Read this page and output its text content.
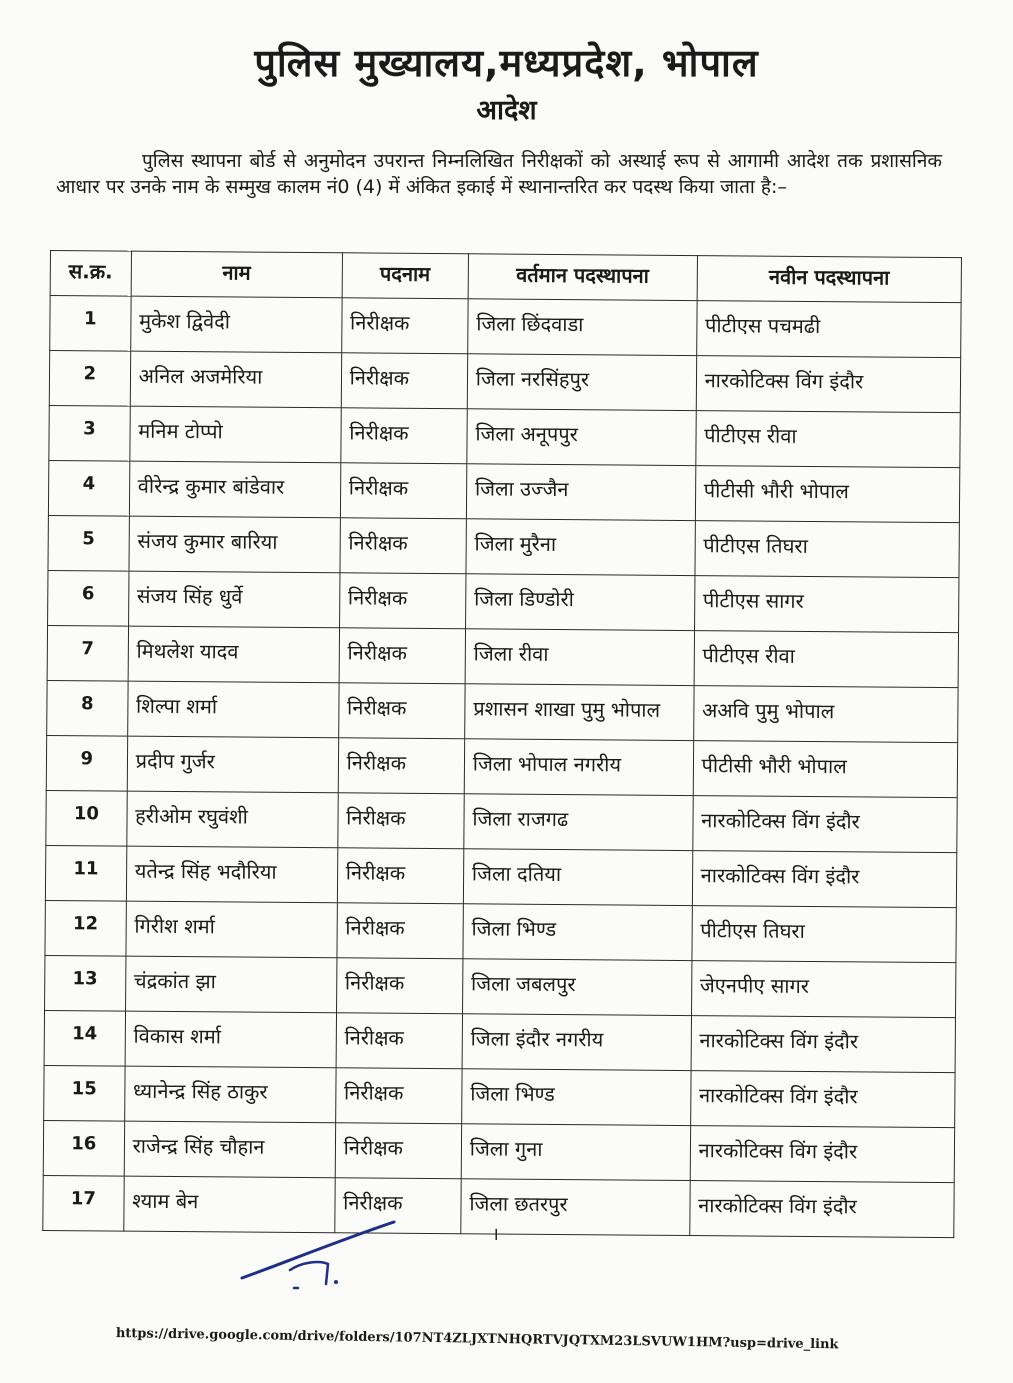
पुलिस मुख्यालय,मध्यप्रदेश, भोपाल
आदेश
पुलिस स्थापना बोर्ड से अनुमोदन उपरान्त निम्नलिखित निरीक्षकों को अस्थाई रूप से आगामी आदेश तक प्रशासनिक आधार पर उनके नाम के सम्मुख कालम नं0 (4) में अंकित इकाई में स्थानान्तरित कर पदस्थ किया जाता है:–
स.क्र.	नाम	पदनाम	वर्तमान पदस्थापना	नवीन पदस्थापना
1	मुकेश द्विवेदी	निरीक्षक	जिला छिंदवाडा	पीटीएस पचमढी
2	अनिल अजमेरिया	निरीक्षक	जिला नरसिंहपुर	नारकोटिक्स विंग इंदौर
3	मनिम टोप्पो	निरीक्षक	जिला अनूपपुर	पीटीएस रीवा
4	वीरेन्द्र कुमार बांडेवार	निरीक्षक	जिला उज्जैन	पीटीसी भौरी भोपाल
5	संजय कुमार बारिया	निरीक्षक	जिला मुरैना	पीटीएस तिघरा
6	संजय सिंह धुर्वे	निरीक्षक	जिला डिण्डोरी	पीटीएस सागर
7	मिथलेश यादव	निरीक्षक	जिला रीवा	पीटीएस रीवा
8	शिल्पा शर्मा	निरीक्षक	प्रशासन शाखा पुमु भोपाल	अअवि पुमु भोपाल
9	प्रदीप गुर्जर	निरीक्षक	जिला भोपाल नगरीय	पीटीसी भौरी भोपाल
10	हरीओम रघुवंशी	निरीक्षक	जिला राजगढ	नारकोटिक्स विंग इंदौर
11	यतेन्द्र सिंह भदौरिया	निरीक्षक	जिला दतिया	नारकोटिक्स विंग इंदौर
12	गिरीश शर्मा	निरीक्षक	जिला भिण्ड	पीटीएस तिघरा
13	चंद्रकांत झा	निरीक्षक	जिला जबलपुर	जेएनपीए सागर
14	विकास शर्मा	निरीक्षक	जिला इंदौर नगरीय	नारकोटिक्स विंग इंदौर
15	ध्यानेन्द्र सिंह ठाकुर	निरीक्षक	जिला भिण्ड	नारकोटिक्स विंग इंदौर
16	राजेन्द्र सिंह चौहान	निरीक्षक	जिला गुना	नारकोटिक्स विंग इंदौर
17	श्याम बेन	निरीक्षक	जिला छतरपुर	नारकोटिक्स विंग इंदौर
।
https://drive.google.com/drive/folders/107NT4ZLJXTNHQRTVJQTXM23LSVUW1HM?usp=drive_link
